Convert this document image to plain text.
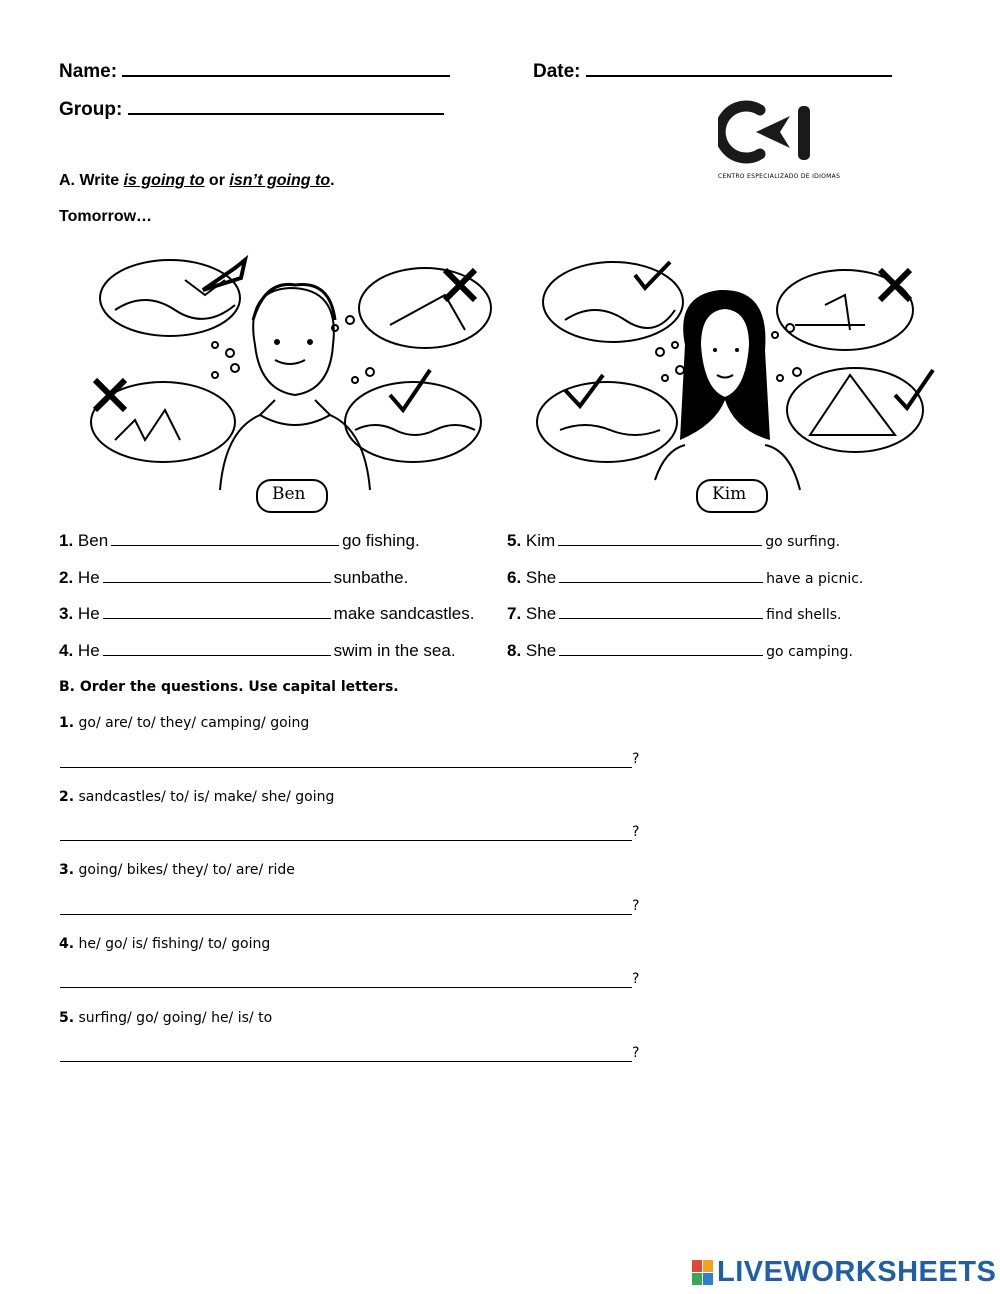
Name:	Date:
Group:
CENTRO ESPECIALIZADO DE IDIOMAS
A. Write is going to or isn’t going to.
Tomorrow…
Ben	Kim
1. Ben	go fishing.
2. He	sunbathe.
3. He	make sandcastles.
4. He	swim in the sea.
5. Kim	go surfing.
6. She	have a picnic.
7. She	find shells.
8. She	go camping.
B. Order the questions. Use capital letters.
1. go/ are/ to/ they/ camping/ going
?
2. sandcastles/ to/ is/ make/ she/ going
?
3. going/ bikes/ they/ to/ are/ ride
?
4. he/ go/ is/ fishing/ to/ going
?
5. surfing/ go/ going/ he/ is/ to
?
LIVEWORKSHEETS
